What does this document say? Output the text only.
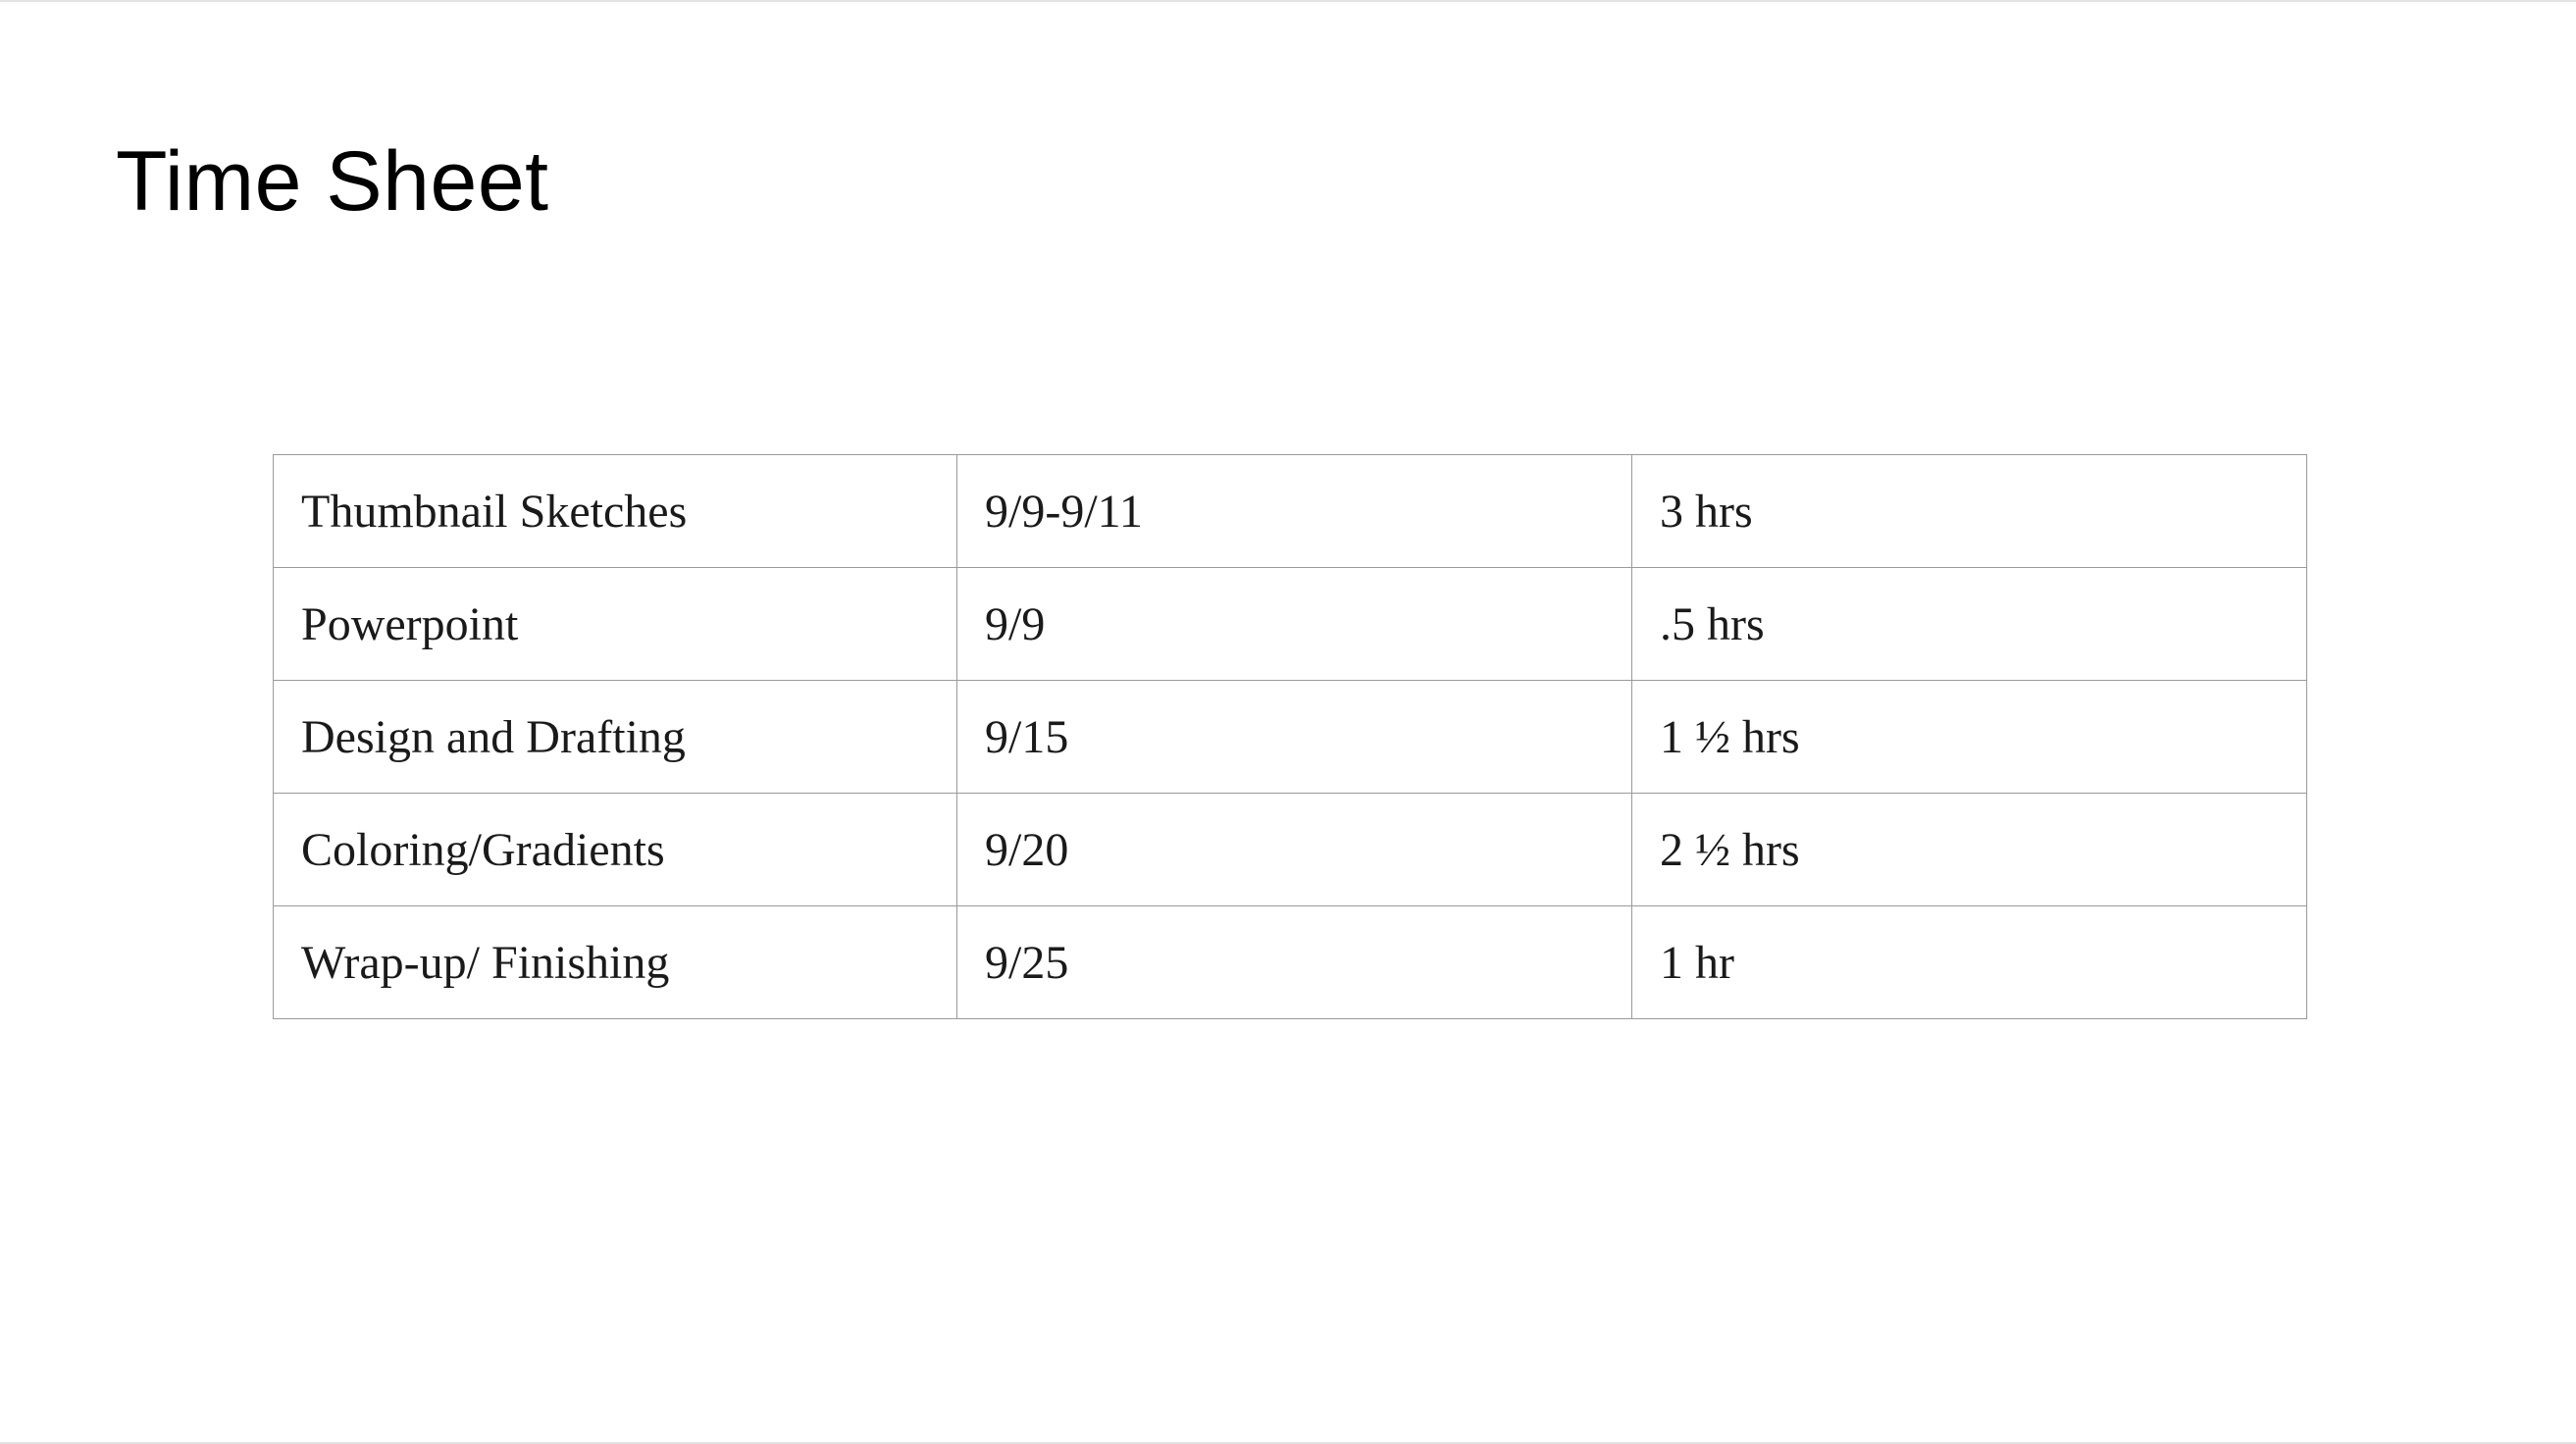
Time Sheet
Thumbnail Sketches	9/9-9/11	3 hrs
Powerpoint	9/9	.5 hrs
Design and Drafting	9/15	1 ½ hrs
Coloring/Gradients	9/20	2 ½ hrs
Wrap-up/ Finishing	9/25	1 hr
